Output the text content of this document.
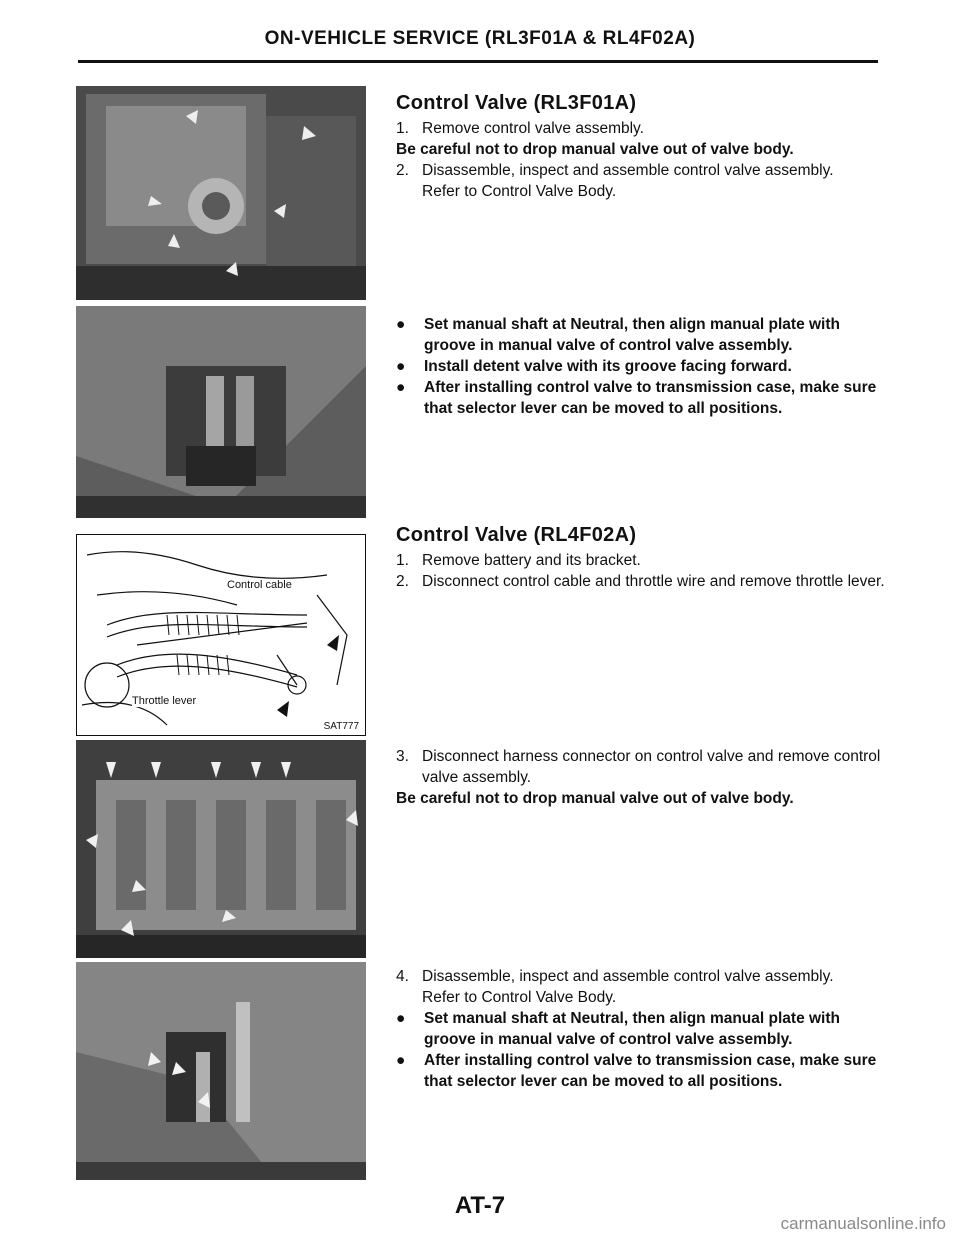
ON-VEHICLE SERVICE (RL3F01A & RL4F02A)
Control cable
Throttle lever
SAT777
Control Valve (RL3F01A)
1. Remove control valve assembly.
Be careful not to drop manual valve out of valve body.
2. Disassemble, inspect and assemble control valve assembly.
Refer to Control Valve Body.
● Set manual shaft at Neutral, then align manual plate with groove in manual valve of control valve assembly.
● Install detent valve with its groove facing forward.
● After installing control valve to transmission case, make sure that selector lever can be moved to all positions.
Control Valve (RL4F02A)
1. Remove battery and its bracket.
2. Disconnect control cable and throttle wire and remove throttle lever.
3. Disconnect harness connector on control valve and remove control valve assembly.
Be careful not to drop manual valve out of valve body.
4. Disassemble, inspect and assemble control valve assembly.
Refer to Control Valve Body.
● Set manual shaft at Neutral, then align manual plate with groove in manual valve of control valve assembly.
● After installing control valve to transmission case, make sure that selector lever can be moved to all positions.
AT-7
carmanualsonline.info
